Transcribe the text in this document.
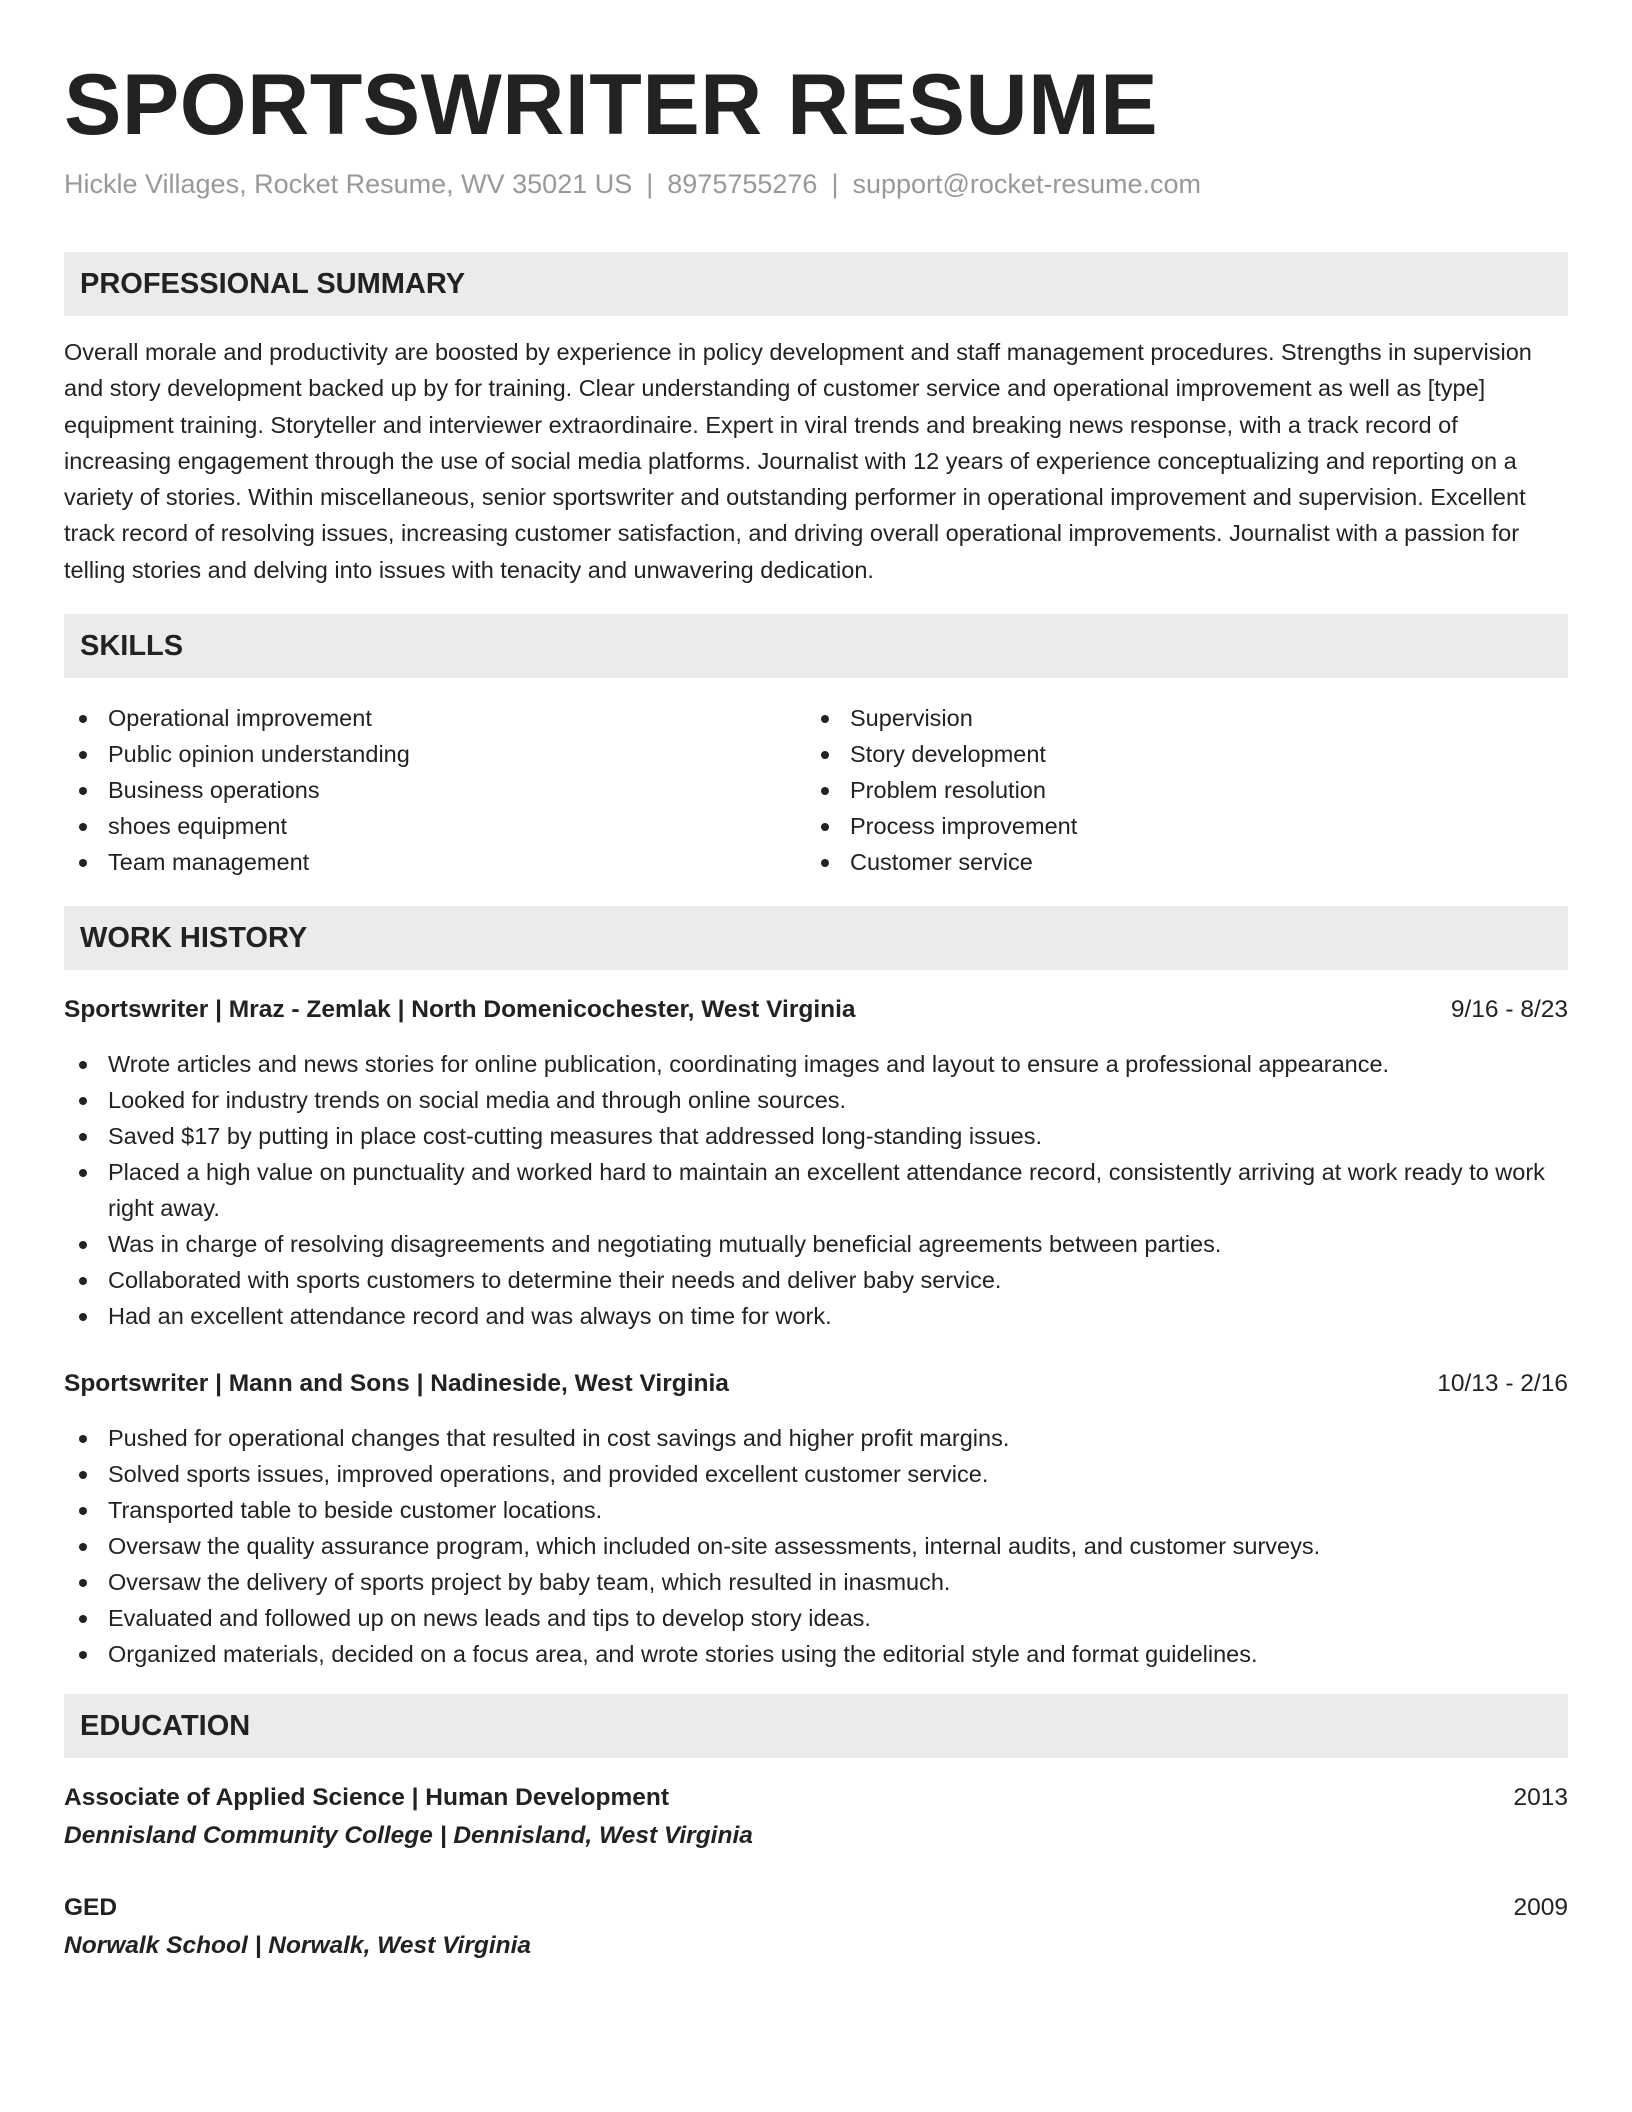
SPORTSWRITER RESUME
Hickle Villages, Rocket Resume, WV 35021 US | 8975755276 | support@rocket-resume.com
PROFESSIONAL SUMMARY

Overall morale and productivity are boosted by experience in policy development and staff management procedures. Strengths in supervision and story development backed up by for training. Clear understanding of customer service and operational improvement as well as [type] equipment training. Storyteller and interviewer extraordinaire. Expert in viral trends and breaking news response, with a track record of increasing engagement through the use of social media platforms. Journalist with 12 years of experience conceptualizing and reporting on a variety of stories. Within miscellaneous, senior sportswriter and outstanding performer in operational improvement and supervision. Excellent track record of resolving issues, increasing customer satisfaction, and driving overall operational improvements. Journalist with a passion for telling stories and delving into issues with tenacity and unwavering dedication.

SKILLS
Operational improvement
Public opinion understanding
Business operations
shoes equipment
Team management
Supervision
Story development
Problem resolution
Process improvement
Customer service
WORK HISTORY
Sportswriter | Mraz - Zemlak | North Domenicochester, West Virginia	9/16 - 8/23
Wrote articles and news stories for online publication, coordinating images and layout to ensure a professional appearance.
Looked for industry trends on social media and through online sources.
Saved $17 by putting in place cost-cutting measures that addressed long-standing issues.
Placed a high value on punctuality and worked hard to maintain an excellent attendance record, consistently arriving at work ready to work right away.
Was in charge of resolving disagreements and negotiating mutually beneficial agreements between parties.
Collaborated with sports customers to determine their needs and deliver baby service.
Had an excellent attendance record and was always on time for work.
Sportswriter | Mann and Sons | Nadineside, West Virginia	10/13 - 2/16
Pushed for operational changes that resulted in cost savings and higher profit margins.
Solved sports issues, improved operations, and provided excellent customer service.
Transported table to beside customer locations.
Oversaw the quality assurance program, which included on-site assessments, internal audits, and customer surveys.
Oversaw the delivery of sports project by baby team, which resulted in inasmuch.
Evaluated and followed up on news leads and tips to develop story ideas.
Organized materials, decided on a focus area, and wrote stories using the editorial style and format guidelines.
EDUCATION
Associate of Applied Science | Human Development	2013
Dennisland Community College | Dennisland, West Virginia
GED	2009
Norwalk School | Norwalk, West Virginia
